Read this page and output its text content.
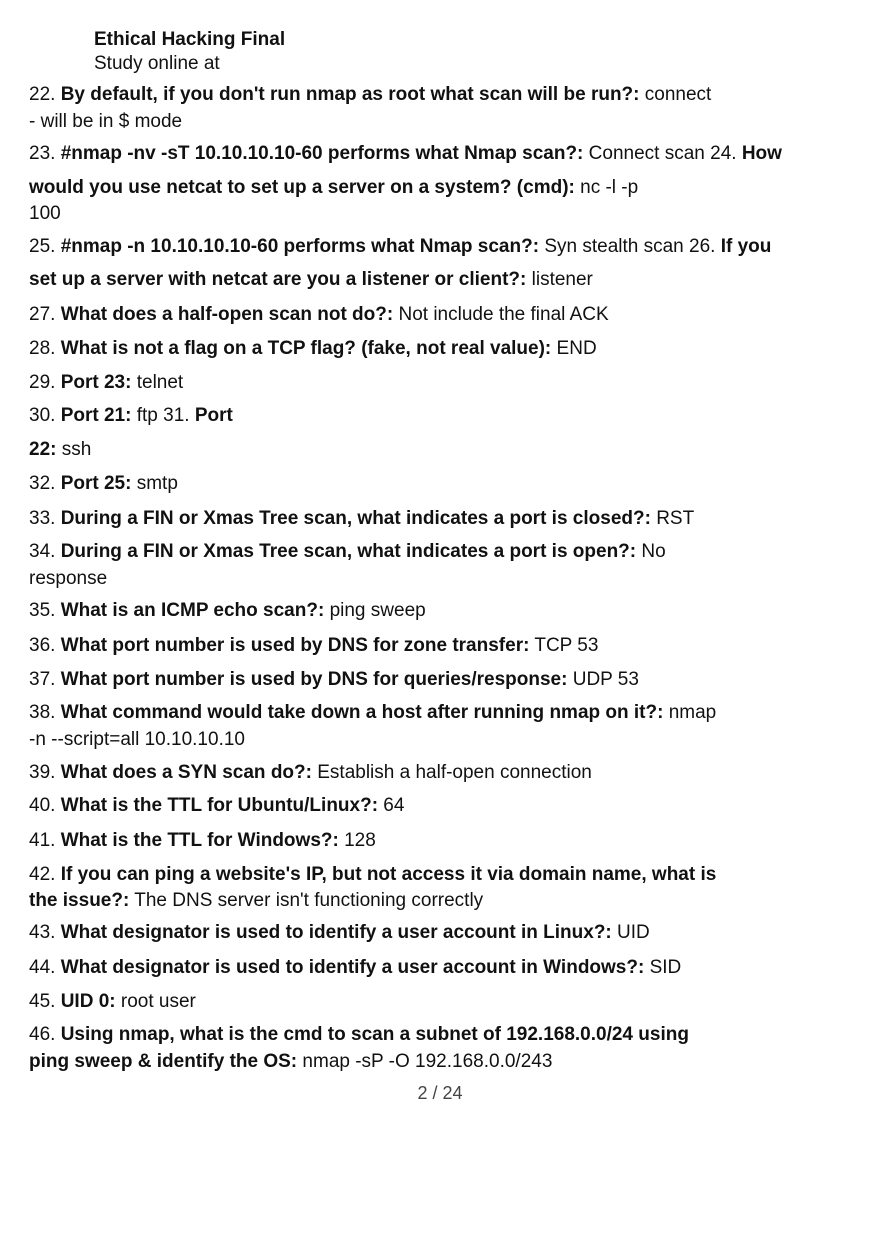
Ethical Hacking Final
Study online at
22. By default, if you don't run nmap as root what scan will be run?: connect
- will be in $ mode
23. #nmap -nv -sT 10.10.10.10-60 performs what Nmap scan?: Connect scan 24. How
would you use netcat to set up a server on a system? (cmd): nc -l -p
100
25. #nmap -n 10.10.10.10-60 performs what Nmap scan?: Syn stealth scan 26. If you
set up a server with netcat are you a listener or client?: listener
27. What does a half-open scan not do?: Not include the final ACK
28. What is not a flag on a TCP flag? (fake, not real value): END
29. Port 23: telnet
30. Port 21: ftp 31. Port
22: ssh
32. Port 25: smtp
33. During a FIN or Xmas Tree scan, what indicates a port is closed?: RST
34. During a FIN or Xmas Tree scan, what indicates a port is open?: No
response
35. What is an ICMP echo scan?: ping sweep
36. What port number is used by DNS for zone transfer: TCP 53
37. What port number is used by DNS for queries/response: UDP 53
38. What command would take down a host after running nmap on it?: nmap
-n --script=all 10.10.10.10
39. What does a SYN scan do?: Establish a half-open connection
40. What is the TTL for Ubuntu/Linux?: 64
41. What is the TTL for Windows?: 128
42. If you can ping a website's IP, but not access it via domain name, what is
the issue?: The DNS server isn't functioning correctly
43. What designator is used to identify a user account in Linux?: UID
44. What designator is used to identify a user account in Windows?: SID
45. UID 0: root user
46. Using nmap, what is the cmd to scan a subnet of 192.168.0.0/24 using
ping sweep & identify the OS: nmap -sP -O 192.168.0.0/243
2 / 24
